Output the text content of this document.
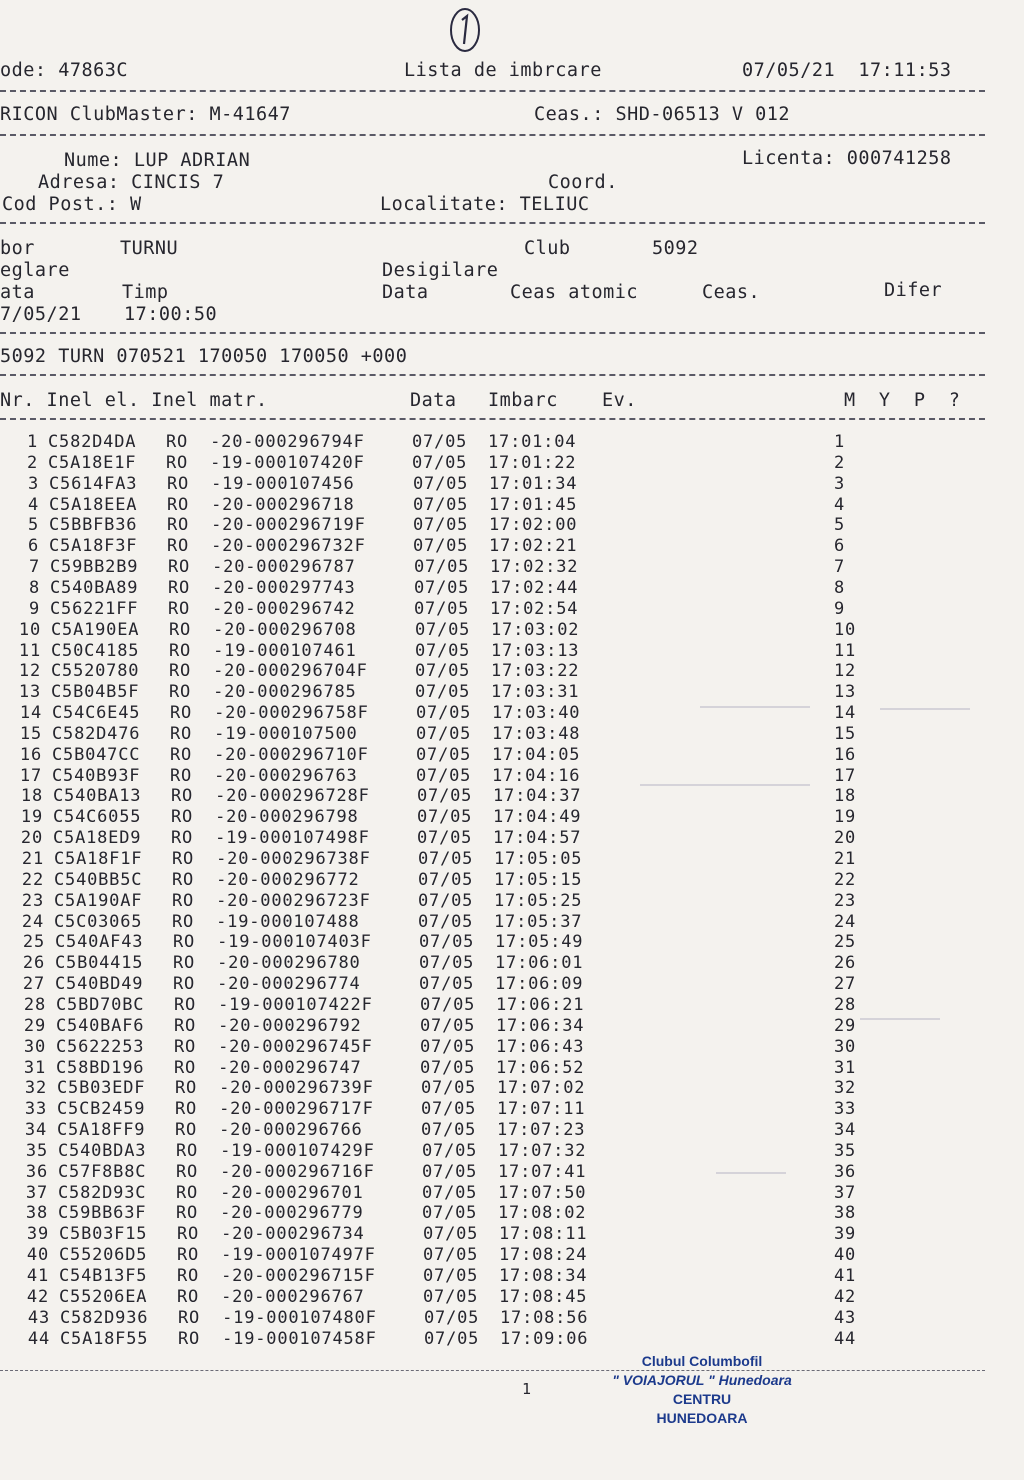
ode: 47863C	Lista de imbrcare	07/05/21  17:11:53
RICON ClubMaster: M-41647	Ceas.: SHD-06513 V 012
Nume: LUP ADRIAN	Licenta: 000741258
Adresa: CINCIS 7	Coord.
Cod Post.: W	Localitate: TELIUC
bor	TURNU	Club	5092
eglare	Desigilare
ata	Timp	Data	Ceas atomic	Ceas.	Difer
7/05/21 17:00:50
5092 TURN 070521 170050 170050 +000
Nr. Inel el. Inel matr.	Data Imbarc Ev.	M  Y  P  ?
1 C582D4DA RO  -20-000296794F	07/05 17:01:04	1
2 C5A18E1F RO  -19-000107420F	07/05 17:01:22	2
3 C5614FA3 RO  -19-000107456	07/05 17:01:34	3
4 C5A18EEA RO  -20-000296718	07/05 17:01:45	4
5 C5BBFB36 RO  -20-000296719F	07/05 17:02:00	5
6 C5A18F3F RO  -20-000296732F	07/05 17:02:21	6
7 C59BB2B9 RO  -20-000296787	07/05 17:02:32	7
8 C540BA89 RO  -20-000297743	07/05 17:02:44	8
9 C56221FF RO  -20-000296742	07/05 17:02:54	9
10 C5A190EA RO  -20-000296708	07/05 17:03:02	10
11 C50C4185 RO  -19-000107461	07/05 17:03:13	11
12 C5520780 RO  -20-000296704F	07/05 17:03:22	12
13 C5B04B5F RO  -20-000296785	07/05 17:03:31	13
14 C54C6E45 RO  -20-000296758F	07/05 17:03:40	14
15 C582D476 RO  -19-000107500	07/05 17:03:48	15
16 C5B047CC RO  -20-000296710F	07/05 17:04:05	16
17 C540B93F RO  -20-000296763	07/05 17:04:16	17
18 C540BA13 RO  -20-000296728F	07/05 17:04:37	18
19 C54C6055 RO  -20-000296798	07/05 17:04:49	19
20 C5A18ED9 RO  -19-000107498F	07/05 17:04:57	20
21 C5A18F1F RO  -20-000296738F	07/05 17:05:05	21
22 C540BB5C RO  -20-000296772	07/05 17:05:15	22
23 C5A190AF RO  -20-000296723F	07/05 17:05:25	23
24 C5C03065 RO  -19-000107488	07/05 17:05:37	24
25 C540AF43 RO  -19-000107403F	07/05 17:05:49	25
26 C5B04415 RO  -20-000296780	07/05 17:06:01	26
27 C540BD49 RO  -20-000296774	07/05 17:06:09	27
28 C5BD70BC RO  -19-000107422F	07/05 17:06:21	28
29 C540BAF6 RO  -20-000296792	07/05 17:06:34	29
30 C5622253 RO  -20-000296745F	07/05 17:06:43	30
31 C58BD196 RO  -20-000296747	07/05 17:06:52	31
32 C5B03EDF RO  -20-000296739F	07/05 17:07:02	32
33 C5CB2459 RO  -20-000296717F	07/05 17:07:11	33
34 C5A18FF9 RO  -20-000296766	07/05 17:07:23	34
35 C540BDA3 RO  -19-000107429F	07/05 17:07:32	35
36 C57F8B8C RO  -20-000296716F	07/05 17:07:41	36
37 C582D93C RO  -20-000296701	07/05 17:07:50	37
38 C59BB63F RO  -20-000296779	07/05 17:08:02	38
39 C5B03F15 RO  -20-000296734	07/05 17:08:11	39
40 C55206D5 RO  -19-000107497F	07/05 17:08:24	40
41 C54B13F5 RO  -20-000296715F	07/05 17:08:34	41
42 C55206EA RO  -20-000296767	07/05 17:08:45	42
43 C582D936 RO  -19-000107480F	07/05 17:08:56	43
44 C5A18F55 RO  -19-000107458F	07/05 17:09:06	44
1
Clubul Columbofil
" VOIAJORUL " Hunedoara
CENTRU
HUNEDOARA
